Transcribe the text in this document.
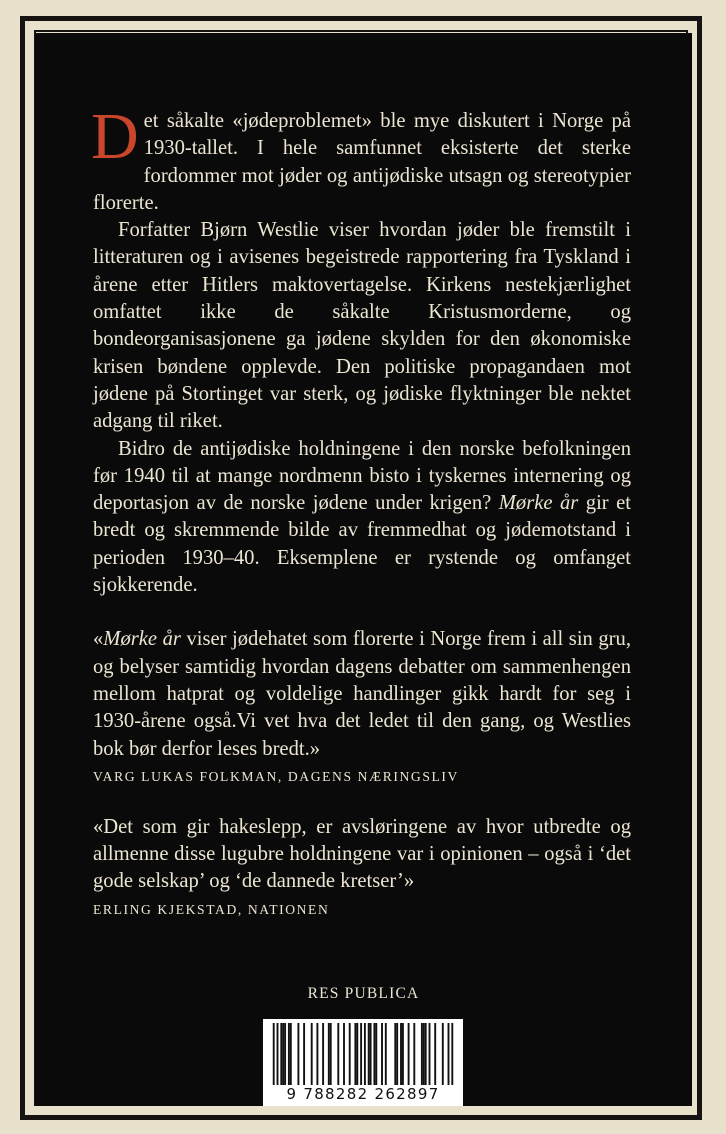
Det såkalte «jødeproblemet» ble mye diskutert i Norge på 1930-tallet. I hele samfunnet eksisterte det sterke fordommer mot jøder og antijødiske utsagn og stereotypier florerte.

Forfatter Bjørn Westlie viser hvordan jøder ble fremstilt i litteraturen og i avisenes begeistrede rapportering fra Tyskland i årene etter Hitlers maktovertagelse. Kirkens nestekjærlighet omfattet ikke de såkalte Kristusmorderne, og bondeorganisasjonene ga jødene skylden for den økonomiske krisen bøndene opplevde. Den politiske propagandaen mot jødene på Stortinget var sterk, og jødiske flyktninger ble nektet adgang til riket.

Bidro de antijødiske holdningene i den norske befolkningen før 1940 til at mange nordmenn bisto i tyskernes internering og deportasjon av de norske jødene under krigen? Mørke år gir et bredt og skremmende bilde av fremmedhat og jødemotstand i perioden 1930–40. Eksemplene er rystende og omfanget sjokkerende.

«Mørke år viser jødehatet som florerte i Norge frem i all sin gru, og belyser samtidig hvordan dagens debatter om sammenhengen mellom hatprat og voldelige handlinger gikk hardt for seg i 1930-årene også.Vi vet hva det ledet til den gang, og Westlies bok bør derfor leses bredt.»

VARG LUKAS FOLKMAN, DAGENS NÆRINGSLIV

«Det som gir hakeslepp, er avsløringene av hvor utbredte og allmenne disse lugubre holdningene var i opinionen – også i ‘det gode selskap’ og ‘de dannede kretser’»

ERLING KJEKSTAD, NATIONEN

RES PUBLICA
9 788282 262897
